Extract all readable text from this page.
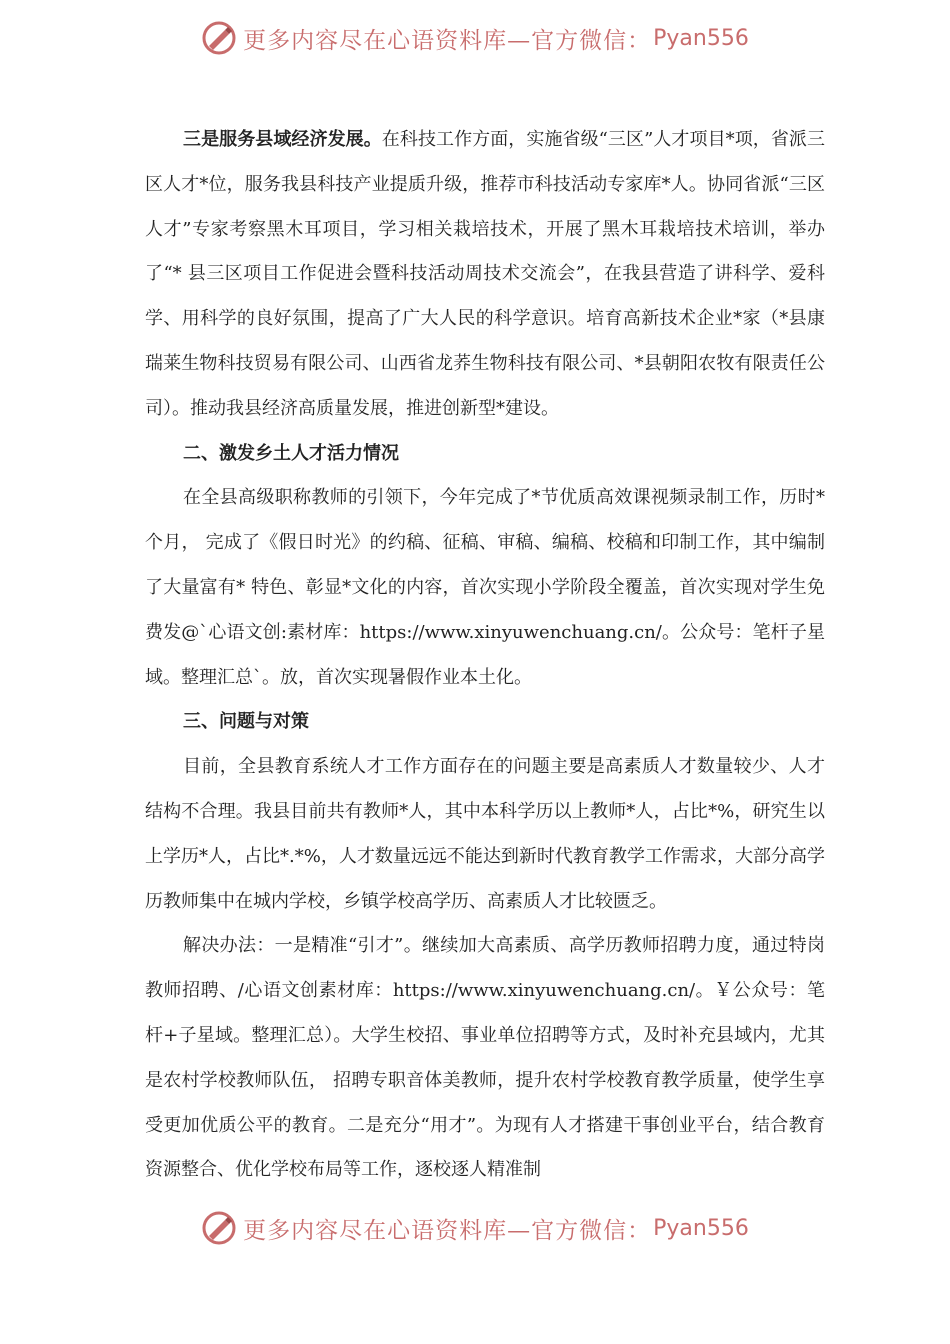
更多内容尽在心语资料库—官方微信： Pyan556

三是服务县域经济发展。在科技工作方面，实施省级“三区”人才项目*项，省派三区人才*位，服务我县科技产业提质升级，推荐市科技活动专家库*人。协同省派“三区人才”专家考察黑木耳项目，学习相关栽培技术，开展了黑木耳栽培技术培训，举办了“* 县三区项目工作促进会暨科技活动周技术交流会”，在我县营造了讲科学、爱科学、用科学的良好氛围，提高了广大人民的科学意识。培育高新技术企业*家（*县康瑞莱生物科技贸易有限公司、山西省龙荞生物科技有限公司、*县朝阳农牧有限责任公司）。推动我县经济高质量发展，推进创新型*建设。

二、激发乡土人才活力情况

在全县高级职称教师的引领下，今年完成了*节优质高效课视频录制工作，历时*个月， 完成了《假日时光》的约稿、征稿、审稿、编稿、校稿和印制工作，其中编制了大量富有* 特色、彰显*文化的内容，首次实现小学阶段全覆盖，首次实现对学生免费发@`心语文创:素材库：https://www.xinyuwenchuang.cn/。公众号：笔杆子星域。整理汇总`。放，首次实现暑假作业本土化。

三、问题与对策

目前，全县教育系统人才工作方面存在的问题主要是高素质人才数量较少、人才结构不合理。我县目前共有教师*人，其中本科学历以上教师*人，占比*%，研究生以上学历*人，占比*.*%，人才数量远远不能达到新时代教育教学工作需求，大部分高学历教师集中在城内学校，乡镇学校高学历、高素质人才比较匮乏。

解决办法：一是精准“引才”。继续加大高素质、高学历教师招聘力度，通过特岗教师招聘、/心语文创素材库：https://www.xinyuwenchuang.cn/。￥公众号：笔杆+子星域。整理汇总）。大学生校招、事业单位招聘等方式，及时补充县域内，尤其是农村学校教师队伍， 招聘专职音体美教师，提升农村学校教育教学质量，使学生享受更加优质公平的教育。二是充分“用才”。为现有人才搭建干事创业平台，结合教育资源整合、优化学校布局等工作，逐校逐人精准制

更多内容尽在心语资料库—官方微信： Pyan556
